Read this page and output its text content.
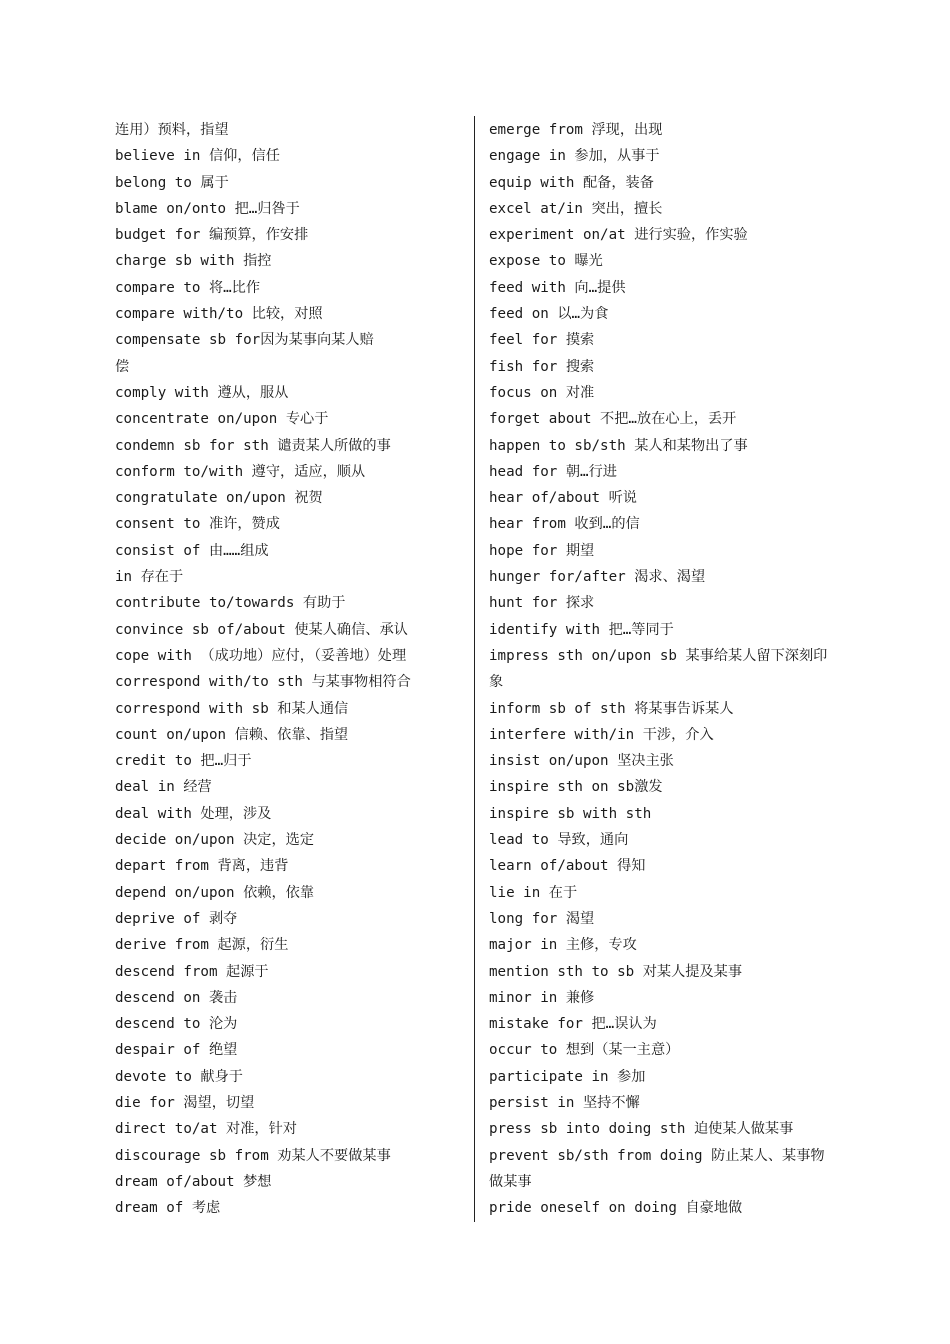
连用）预料，指望
believe in 信仰，信任
belong to 属于
blame on/onto 把…归咎于
budget for 编预算，作安排
charge sb with 指控
compare to 将…比作
compare with/to 比较，对照
compensate sb for因为某事向某人赔
偿
comply with 遵从，服从
concentrate on/upon 专心于
condemn sb for sth 谴责某人所做的事
conform to/with 遵守，适应，顺从
congratulate on/upon 祝贺
consent to 准许，赞成
consist of 由……组成
in 存在于
contribute to/towards 有助于
convince sb of/about 使某人确信、承认
cope with （成功地）应付，（妥善地）处理
correspond with/to sth 与某事物相符合
correspond with sb 和某人通信
count on/upon 信赖、依靠、指望
credit to 把…归于
deal in 经营
deal with 处理，涉及
decide on/upon 决定，选定
depart from 背离，违背
depend on/upon 依赖，依靠
deprive of 剥夺
derive from 起源，衍生
descend from 起源于
descend on 袭击
descend to 沦为
despair of 绝望
devote to 献身于
die for 渴望，切望
direct to/at 对准，针对
discourage sb from 劝某人不要做某事
dream of/about 梦想
dream of 考虑
emerge from 浮现，出现
engage in 参加，从事于
equip with 配备，装备
excel at/in 突出，擅长
experiment on/at 进行实验，作实验
expose to 曝光
feed with 向…提供
feed on 以…为食
feel for 摸索
fish for 搜索
focus on 对准
forget about 不把…放在心上，丢开
happen to sb/sth 某人和某物出了事
head for 朝…行进
hear of/about 听说
hear from 收到…的信
hope for 期望
hunger for/after 渴求、渴望
hunt for 探求
identify with 把…等同于
impress sth on/upon sb 某事给某人留下深刻印
象
inform sb of sth 将某事告诉某人
interfere with/in 干涉，介入
insist on/upon 坚决主张
inspire sth on sb激发
inspire sb with sth
lead to 导致，通向
learn of/about 得知
lie in 在于
long for 渴望
major in 主修，专攻
mention sth to sb 对某人提及某事
minor in 兼修
mistake for 把…误认为
occur to 想到（某一主意）
participate in 参加
persist in 坚持不懈
press sb into doing sth 迫使某人做某事
prevent sb/sth from doing 防止某人、某事物
做某事
pride oneself on doing 自豪地做
